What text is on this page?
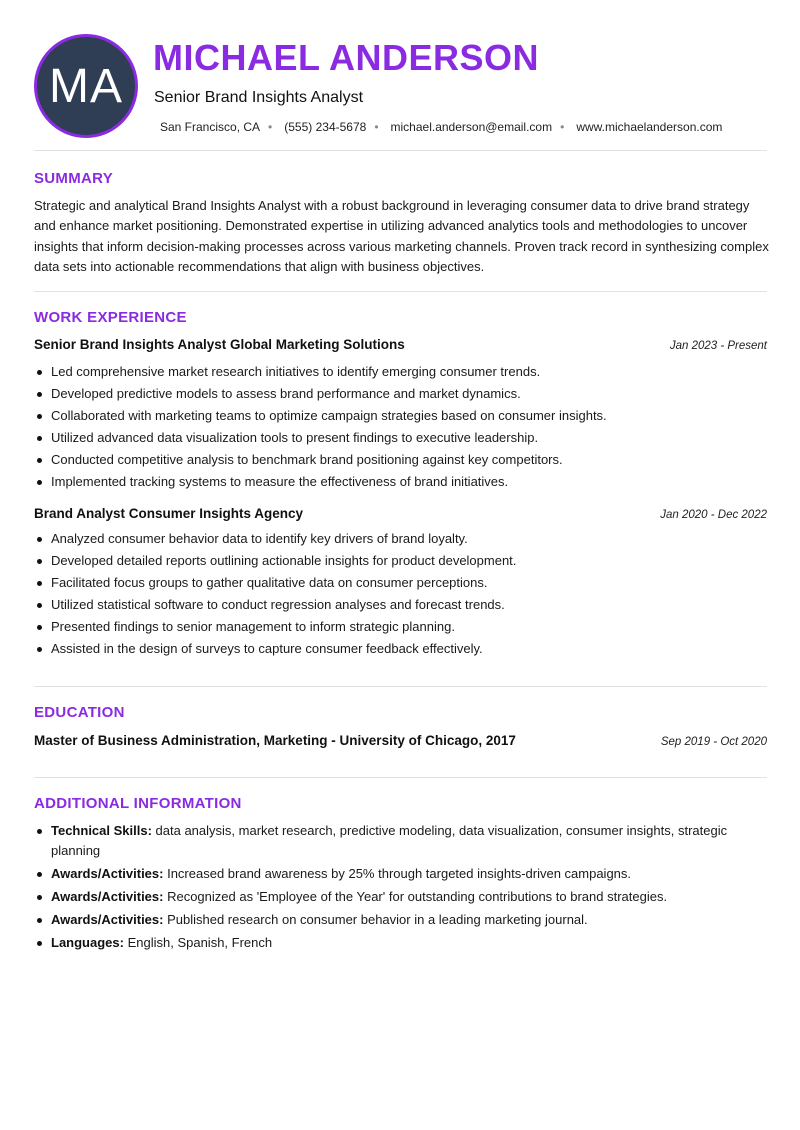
MA
MICHAEL ANDERSON
Senior Brand Insights Analyst
San Francisco, CA • (555) 234-5678 • michael.anderson@email.com • www.michaelanderson.com
SUMMARY

Strategic and analytical Brand Insights Analyst with a robust background in leveraging consumer data to drive brand strategy and enhance market positioning. Demonstrated expertise in utilizing advanced analytics tools and methodologies to uncover insights that inform decision-making processes across various marketing channels. Proven track record in synthesizing complex data sets into actionable recommendations that align with business objectives.

WORK EXPERIENCE
Senior Brand Insights Analyst Global Marketing Solutions	Jan 2023 - Present
Led comprehensive market research initiatives to identify emerging consumer trends.
Developed predictive models to assess brand performance and market dynamics.
Collaborated with marketing teams to optimize campaign strategies based on consumer insights.
Utilized advanced data visualization tools to present findings to executive leadership.
Conducted competitive analysis to benchmark brand positioning against key competitors.
Implemented tracking systems to measure the effectiveness of brand initiatives.
Brand Analyst Consumer Insights Agency	Jan 2020 - Dec 2022
Analyzed consumer behavior data to identify key drivers of brand loyalty.
Developed detailed reports outlining actionable insights for product development.
Facilitated focus groups to gather qualitative data on consumer perceptions.
Utilized statistical software to conduct regression analyses and forecast trends.
Presented findings to senior management to inform strategic planning.
Assisted in the design of surveys to capture consumer feedback effectively.
EDUCATION
Master of Business Administration, Marketing - University of Chicago, 2017	Sep 2019 - Oct 2020
ADDITIONAL INFORMATION
Technical Skills: data analysis, market research, predictive modeling, data visualization, consumer insights, strategic planning
Awards/Activities: Increased brand awareness by 25% through targeted insights-driven campaigns.
Awards/Activities: Recognized as 'Employee of the Year' for outstanding contributions to brand strategies.
Awards/Activities: Published research on consumer behavior in a leading marketing journal.
Languages: English, Spanish, French
